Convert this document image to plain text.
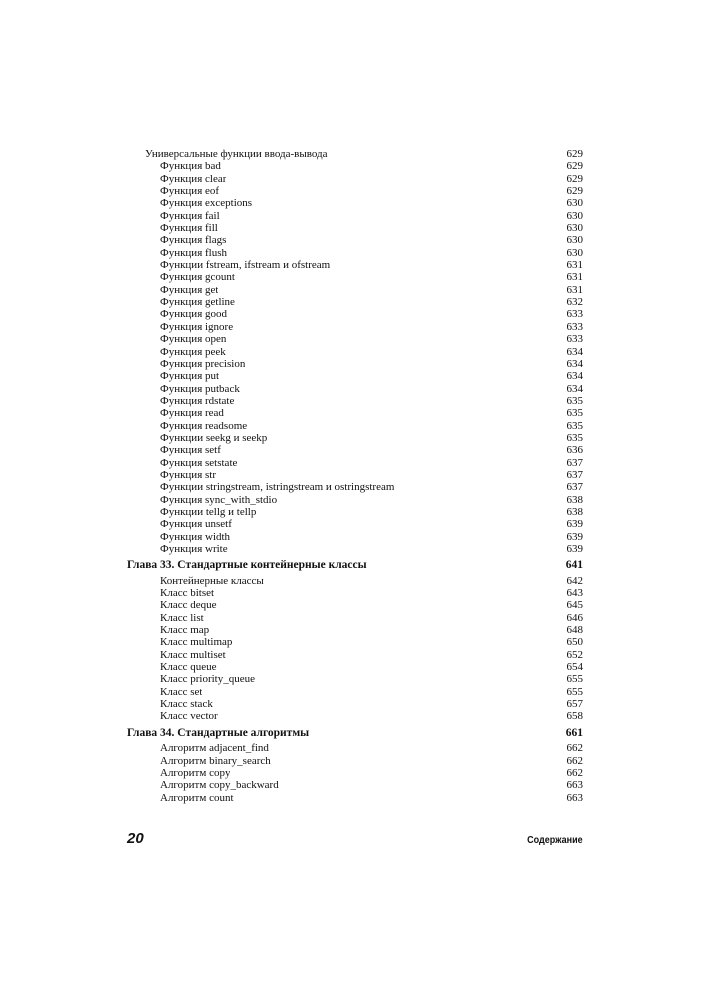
Универсальные функции ввода-вывода	629
Функция bad	629
Функция clear	629
Функция eof	629
Функция exceptions	630
Функция fail	630
Функция fill	630
Функция flags	630
Функция flush	630
Функции fstream, ifstream и ofstream	631
Функция gcount	631
Функция get	631
Функция getline	632
Функция good	633
Функция ignore	633
Функция open	633
Функция peek	634
Функция precision	634
Функция put	634
Функция putback	634
Функция rdstate	635
Функция read	635
Функция readsome	635
Функции seekg и seekp	635
Функция setf	636
Функция setstate	637
Функция str	637
Функции stringstream, istringstream и ostringstream	637
Функция sync_with_stdio	638
Функции tellg и tellp	638
Функция unsetf	639
Функция width	639
Функция write	639
Глава 33. Стандартные контейнерные классы	641
Контейнерные классы	642
Класс bitset	643
Класс deque	645
Класс list	646
Класс map	648
Класс multimap	650
Класс multiset	652
Класс queue	654
Класс priority_queue	655
Класс set	655
Класс stack	657
Класс vector	658
Глава 34. Стандартные алгоритмы	661
Алгоритм adjacent_find	662
Алгоритм binary_search	662
Алгоритм copy	662
Алгоритм copy_backward	663
Алгоритм count	663
20	Содержание
